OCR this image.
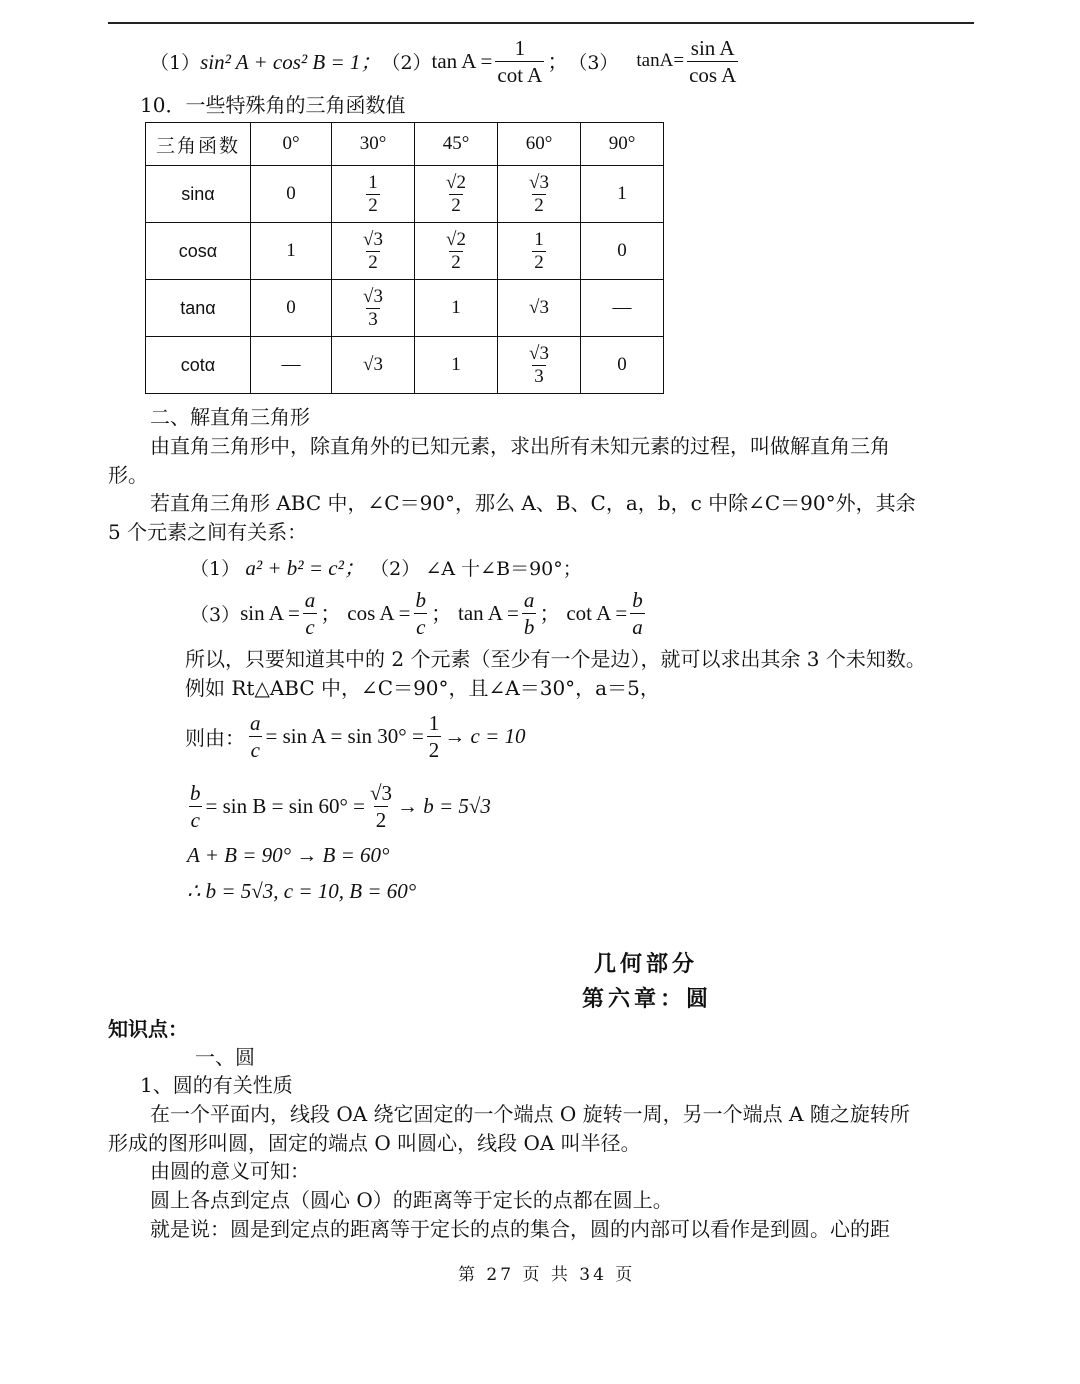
（1） sin² A + cos² B = 1； （2） $\tan A = \frac{1}{\text{cot A}}$ ； （3） $\tan A= \frac{\text{sin A}}{\text{cos A}}$
10．一些特殊角的三角函数值
三角函数	0°	30°	45°	60°	90°
sinα	0	$\frac{1}{2}$	$\frac{√2}{2}$	$\frac{√3}{2}$	1
cosα	1	$\frac{√3}{2}$	$\frac{√2}{2}$	$\frac{1}{2}$	0
tanα	0	$\frac{√3}{3}$	1	√3	—
cotα	—	√3	1	$\frac{√3}{3}$	0
二、解直角三角形
由直角三角形中，除直角外的已知元素，求出所有未知元素的过程，叫做解直角三角
形。
若直角三角形 ABC 中，∠C＝90°，那么 A、B、C，a，b，c 中除∠C＝90°外，其余
5 个元素之间有关系：
（1） a² + b² = c²； （2） ∠A 十∠B＝90°；
（3） $\sin A = \frac{a}{c}$ ； $\cos A = \frac{b}{c}$ ； $\tan A = \frac{a}{b}$ ； $\cot A = \frac{b}{a}$
所以，只要知道其中的 2 个元素（至少有一个是边），就可以求出其余 3 个未知数。
例如 Rt△ABC 中，∠C＝90°，且∠A＝30°，a＝5，
则由： $\frac{a}{c} = \sin A = \sin 30^\circ = \frac{1}{2} \to c = 10$
$\frac{b}{c} = \sin B = \sin 60^\circ = \frac{√3}{2} \to b = 5√3$
A + B = 90° → B = 60°
∴ b = 5√3, c = 10, B = 60°
几何部分
第六章：圆
知识点：
一、圆
1、圆的有关性质
在一个平面内，线段 OA 绕它固定的一个端点 O 旋转一周，另一个端点 A 随之旋转所
形成的图形叫圆，固定的端点 O 叫圆心，线段 OA 叫半径。
由圆的意义可知：
圆上各点到定点（圆心 O）的距离等于定长的点都在圆上。
就是说：圆是到定点的距离等于定长的点的集合，圆的内部可以看作是到圆。心的距
第 27 页 共 34 页
